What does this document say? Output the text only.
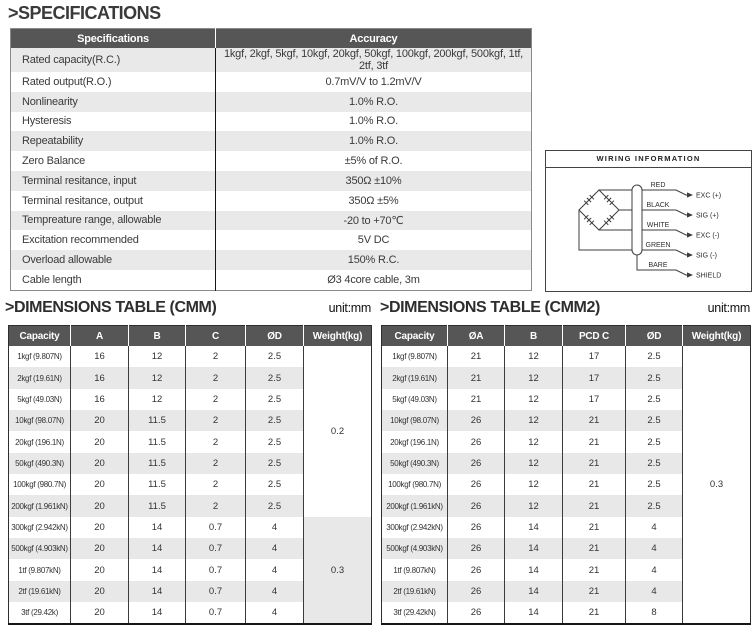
>SPECIFICATIONS
Specifications	Accuracy
Rated capacity(R.C.)	1kgf, 2kgf, 5kgf, 10kgf, 20kgf, 50kgf, 100kgf, 200kgf, 500kgf, 1tf, 2tf, 3tf
Rated output(R.O.)	0.7mV/V to 1.2mV/V
Nonlinearity	1.0% R.O.
Hysteresis	1.0% R.O.
Repeatability	1.0% R.O.
Zero Balance	±5% of R.O.
Terminal resitance, input	350Ω ±10%
Terminal resitance, output	350Ω ±5%
Tempreature range, allowable	-20 to +70℃
Excitation recommended	5V DC
Overload allowable	150% R.C.
Cable length	Ø3 4core cable, 3m
WIRING INFORMATION
RED
EXC (+)
BLACK
SIG (+)
WHITE
EXC (-)
GREEN
SIG (-)
BARE
SHIELD
>DIMENSIONS TABLE (CMM)	unit:mm >DIMENSIONS TABLE (CMM2)	unit:mm
Capacity	A	B	C	ØD	Weight(kg)
1kgf (9.807N)	16	12	2	2.5	0.2
2kgf (19.61N)	16	12	2	2.5	
5kgf (49.03N)	16	12	2	2.5	
10kgf (98.07N)	20	11.5	2	2.5	
20kgf (196.1N)	20	11.5	2	2.5	
50kgf (490.3N)	20	11.5	2	2.5	
100kgf (980.7N)	20	11.5	2	2.5	
200kgf (1.961kN)	20	11.5	2	2.5	
300kgf (2.942kN)	20	14	0.7	4	0.3
500kgf (4.903kN)	20	14	0.7	4	
1tf (9.807kN)	20	14	0.7	4	
2tf (19.61kN)	20	14	0.7	4	
3tf (29.42k)	20	14	0.7	4	
Capacity	ØA	B	PCD C	ØD	Weight(kg)
1kgf (9.807N)	21	12	17	2.5	0.3
2kgf (19.61N)	21	12	17	2.5	
5kgf (49.03N)	21	12	17	2.5	
10kgf (98.07N)	26	12	21	2.5	
20kgf (196.1N)	26	12	21	2.5	
50kgf (490.3N)	26	12	21	2.5	
100kgf (980.7N)	26	12	21	2.5	
200kgf (1.961kN)	26	12	21	2.5	
300kgf (2.942kN)	26	14	21	4	
500kgf (4.903kN)	26	14	21	4	
1tf (9.807kN)	26	14	21	4	
2tf (19.61kN)	26	14	21	4	
3tf (29.42kN)	26	14	21	8	
